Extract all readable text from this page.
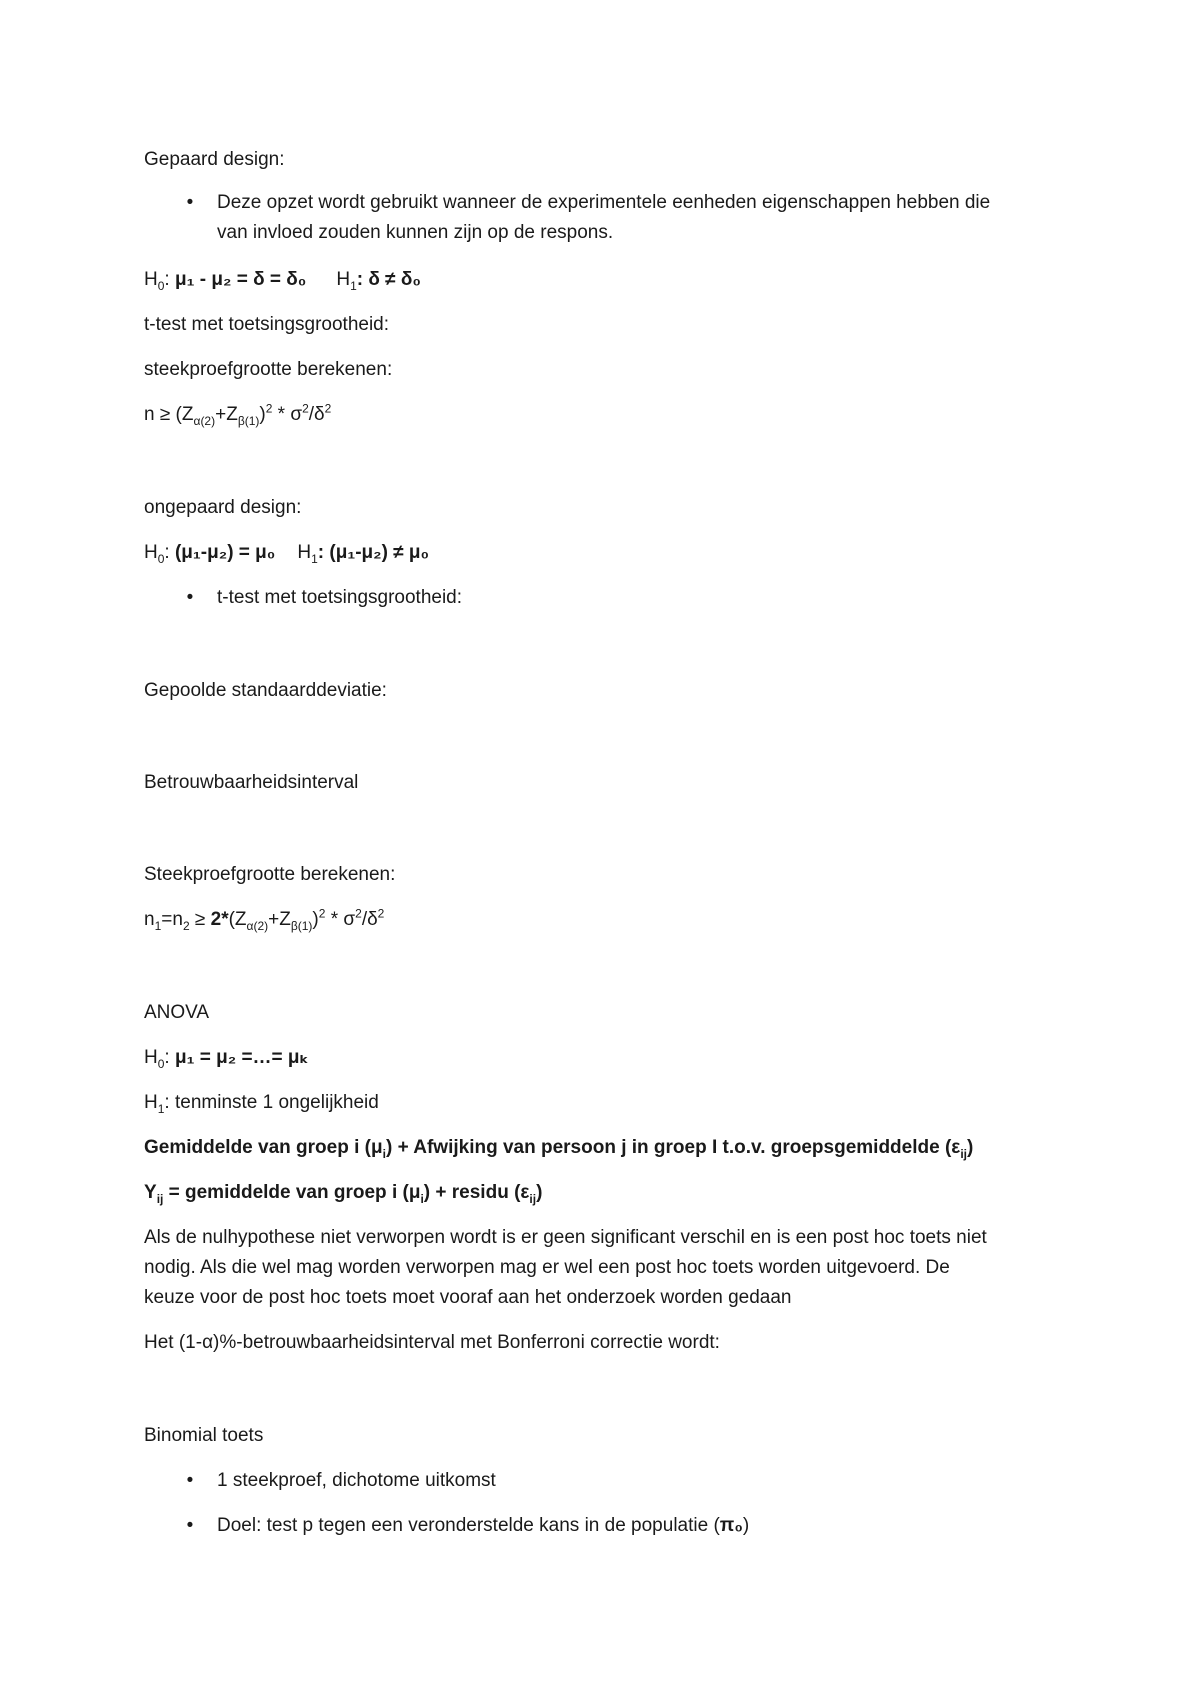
Gepaard design:

•	Deze opzet wordt gebruikt wanneer de experimentele eenheden eigenschappen hebben die

van invloed zouden kunnen zijn op de respons.

$H_0$: μ₁ - μ₂ = δ = δ₀ $H_1$: δ ≠ δ₀

t-test met toetsingsgrootheid:

steekproefgrootte berekenen:

$n \ge (Z_{\alpha(2)}+Z_{\beta(1)})^2 * \sigma^2/\delta^2$

ongepaard design:

$H_0$: (μ₁-μ₂) = μ₀ $H_1$: (μ₁-μ₂) ≠ μ₀

•	t-test met toetsingsgrootheid:

Gepoolde standaarddeviatie:

Betrouwbaarheidsinterval

Steekproefgrootte berekenen:

$n_1=n_2 \ge 2*(Z_{\alpha(2)}+Z_{\beta(1)})^2 * \sigma^2/\delta^2$

ANOVA

$H_0$: μ₁ = μ₂ =…= μₖ

$H_1$: tenminste 1 ongelijkheid

Gemiddelde van groep i $(\mu_i)$ + Afwijking van persoon j in groep I t.o.v. groepsgemiddelde $(\varepsilon_{ij})$

$Y_{ij}$ = gemiddelde van groep i $(\mu_i)$ + residu $(\varepsilon_{ij})$

Als de nulhypothese niet verworpen wordt is er geen significant verschil en is een post hoc toets niet

nodig. Als die wel mag worden verworpen mag er wel een post hoc toets worden uitgevoerd. De

keuze voor de post hoc toets moet vooraf aan het onderzoek worden gedaan

Het (1-α)%-betrouwbaarheidsinterval met Bonferroni correctie wordt:

Binomial toets

•	1 steekproef, dichotome uitkomst

•	Doel: test p tegen een veronderstelde kans in de populatie (π₀)
